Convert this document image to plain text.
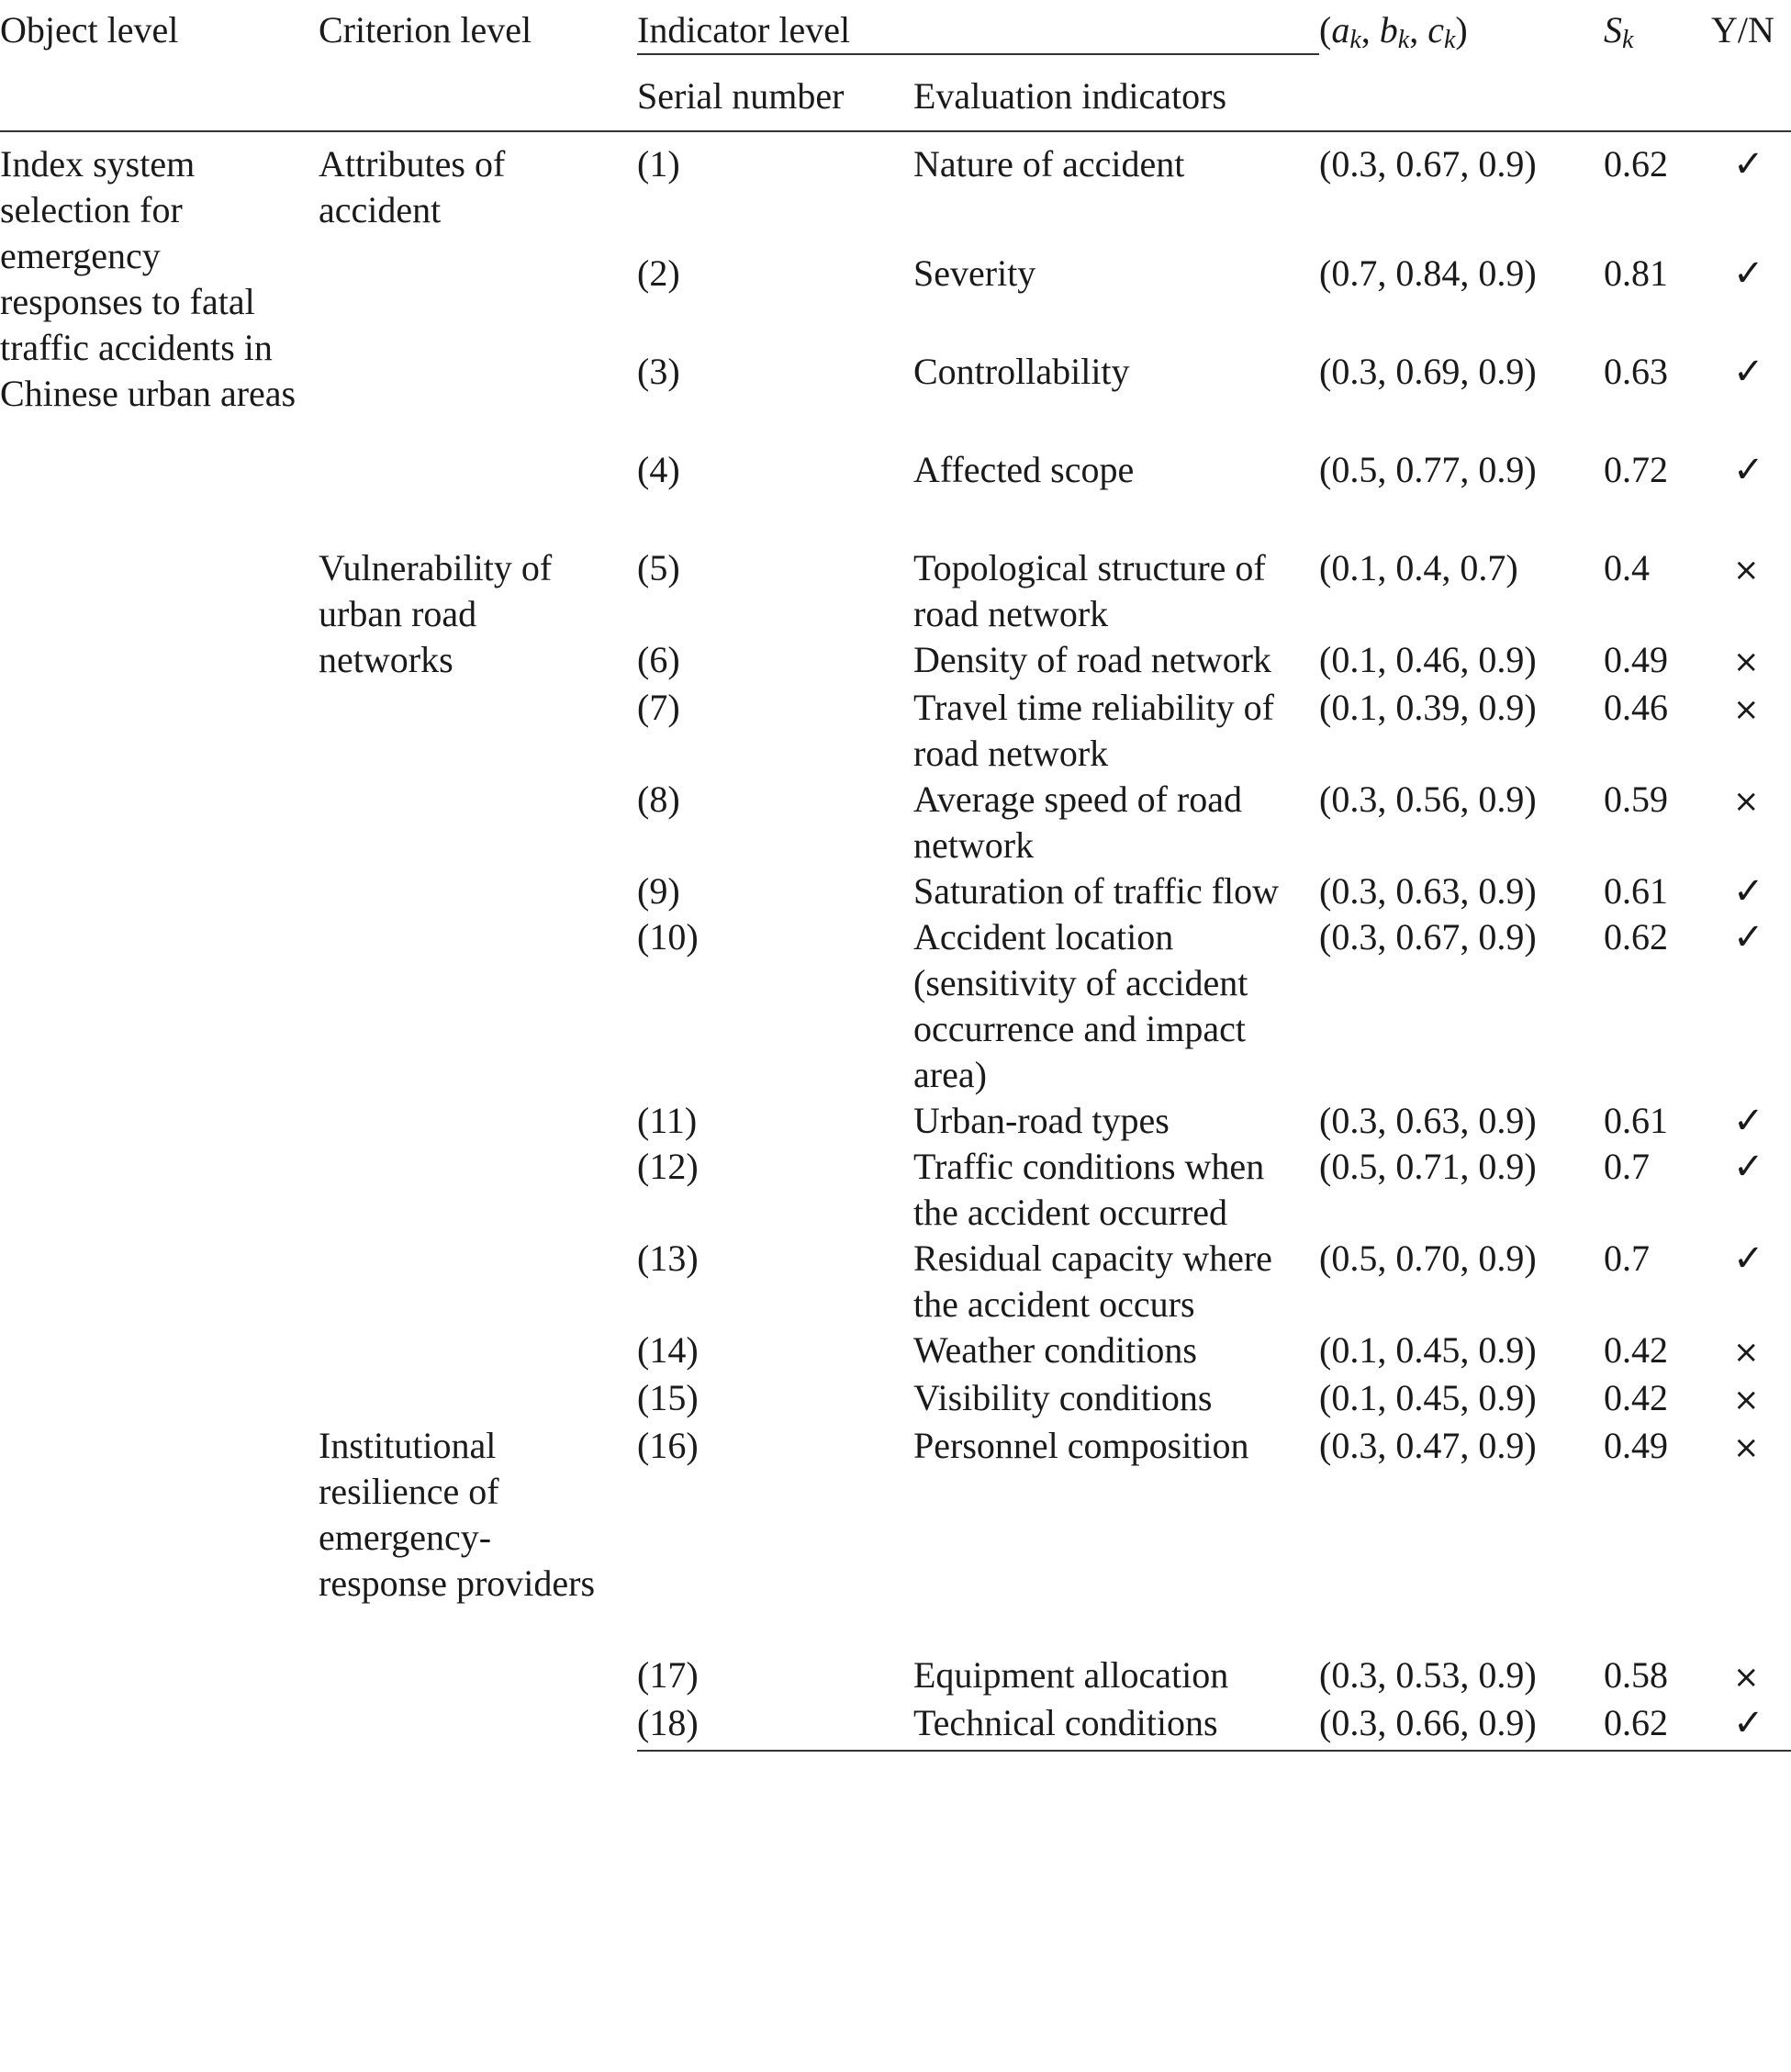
Object level	Criterion level	Indicator level		($a_k$, $b_k$, $c_k$)	$S_k$	Y/N
		Serial number	Evaluation indicators			

Index system selection for emergency responses to fatal traffic accidents in Chinese urban areas	Attributes of accident	(1)	Nature of accident	(0.3, 0.67, 0.9)	0.62	✓
		(2)	Severity	(0.7, 0.84, 0.9)	0.81	✓
		(3)	Controllability	(0.3, 0.69, 0.9)	0.63	✓
		(4)	Affected scope	(0.5, 0.77, 0.9)	0.72	✓

	Vulnerability of urban road networks	(5)	Topological structure of road network	(0.1, 0.4, 0.7)	0.4	×
		(6)	Density of road network	(0.1, 0.46, 0.9)	0.49	×
		(7)	Travel time reliability of road network	(0.1, 0.39, 0.9)	0.46	×
		(8)	Average speed of road network	(0.3, 0.56, 0.9)	0.59	×
		(9)	Saturation of traffic flow	(0.3, 0.63, 0.9)	0.61	✓
		(10)	Accident location (sensitivity of accident occurrence and impact area)	(0.3, 0.67, 0.9)	0.62	✓
		(11)	Urban-road types	(0.3, 0.63, 0.9)	0.61	✓
		(12)	Traffic conditions when the accident occurred	(0.5, 0.71, 0.9)	0.7	✓
		(13)	Residual capacity where the accident occurs	(0.5, 0.70, 0.9)	0.7	✓
		(14)	Weather conditions	(0.1, 0.45, 0.9)	0.42	×
		(15)	Visibility conditions	(0.1, 0.45, 0.9)	0.42	×

	Institutional resilience of emergency-response providers	(16)	Personnel composition	(0.3, 0.47, 0.9)	0.49	×
		(17)	Equipment allocation	(0.3, 0.53, 0.9)	0.58	×
		(18)	Technical conditions	(0.3, 0.66, 0.9)	0.62	✓
